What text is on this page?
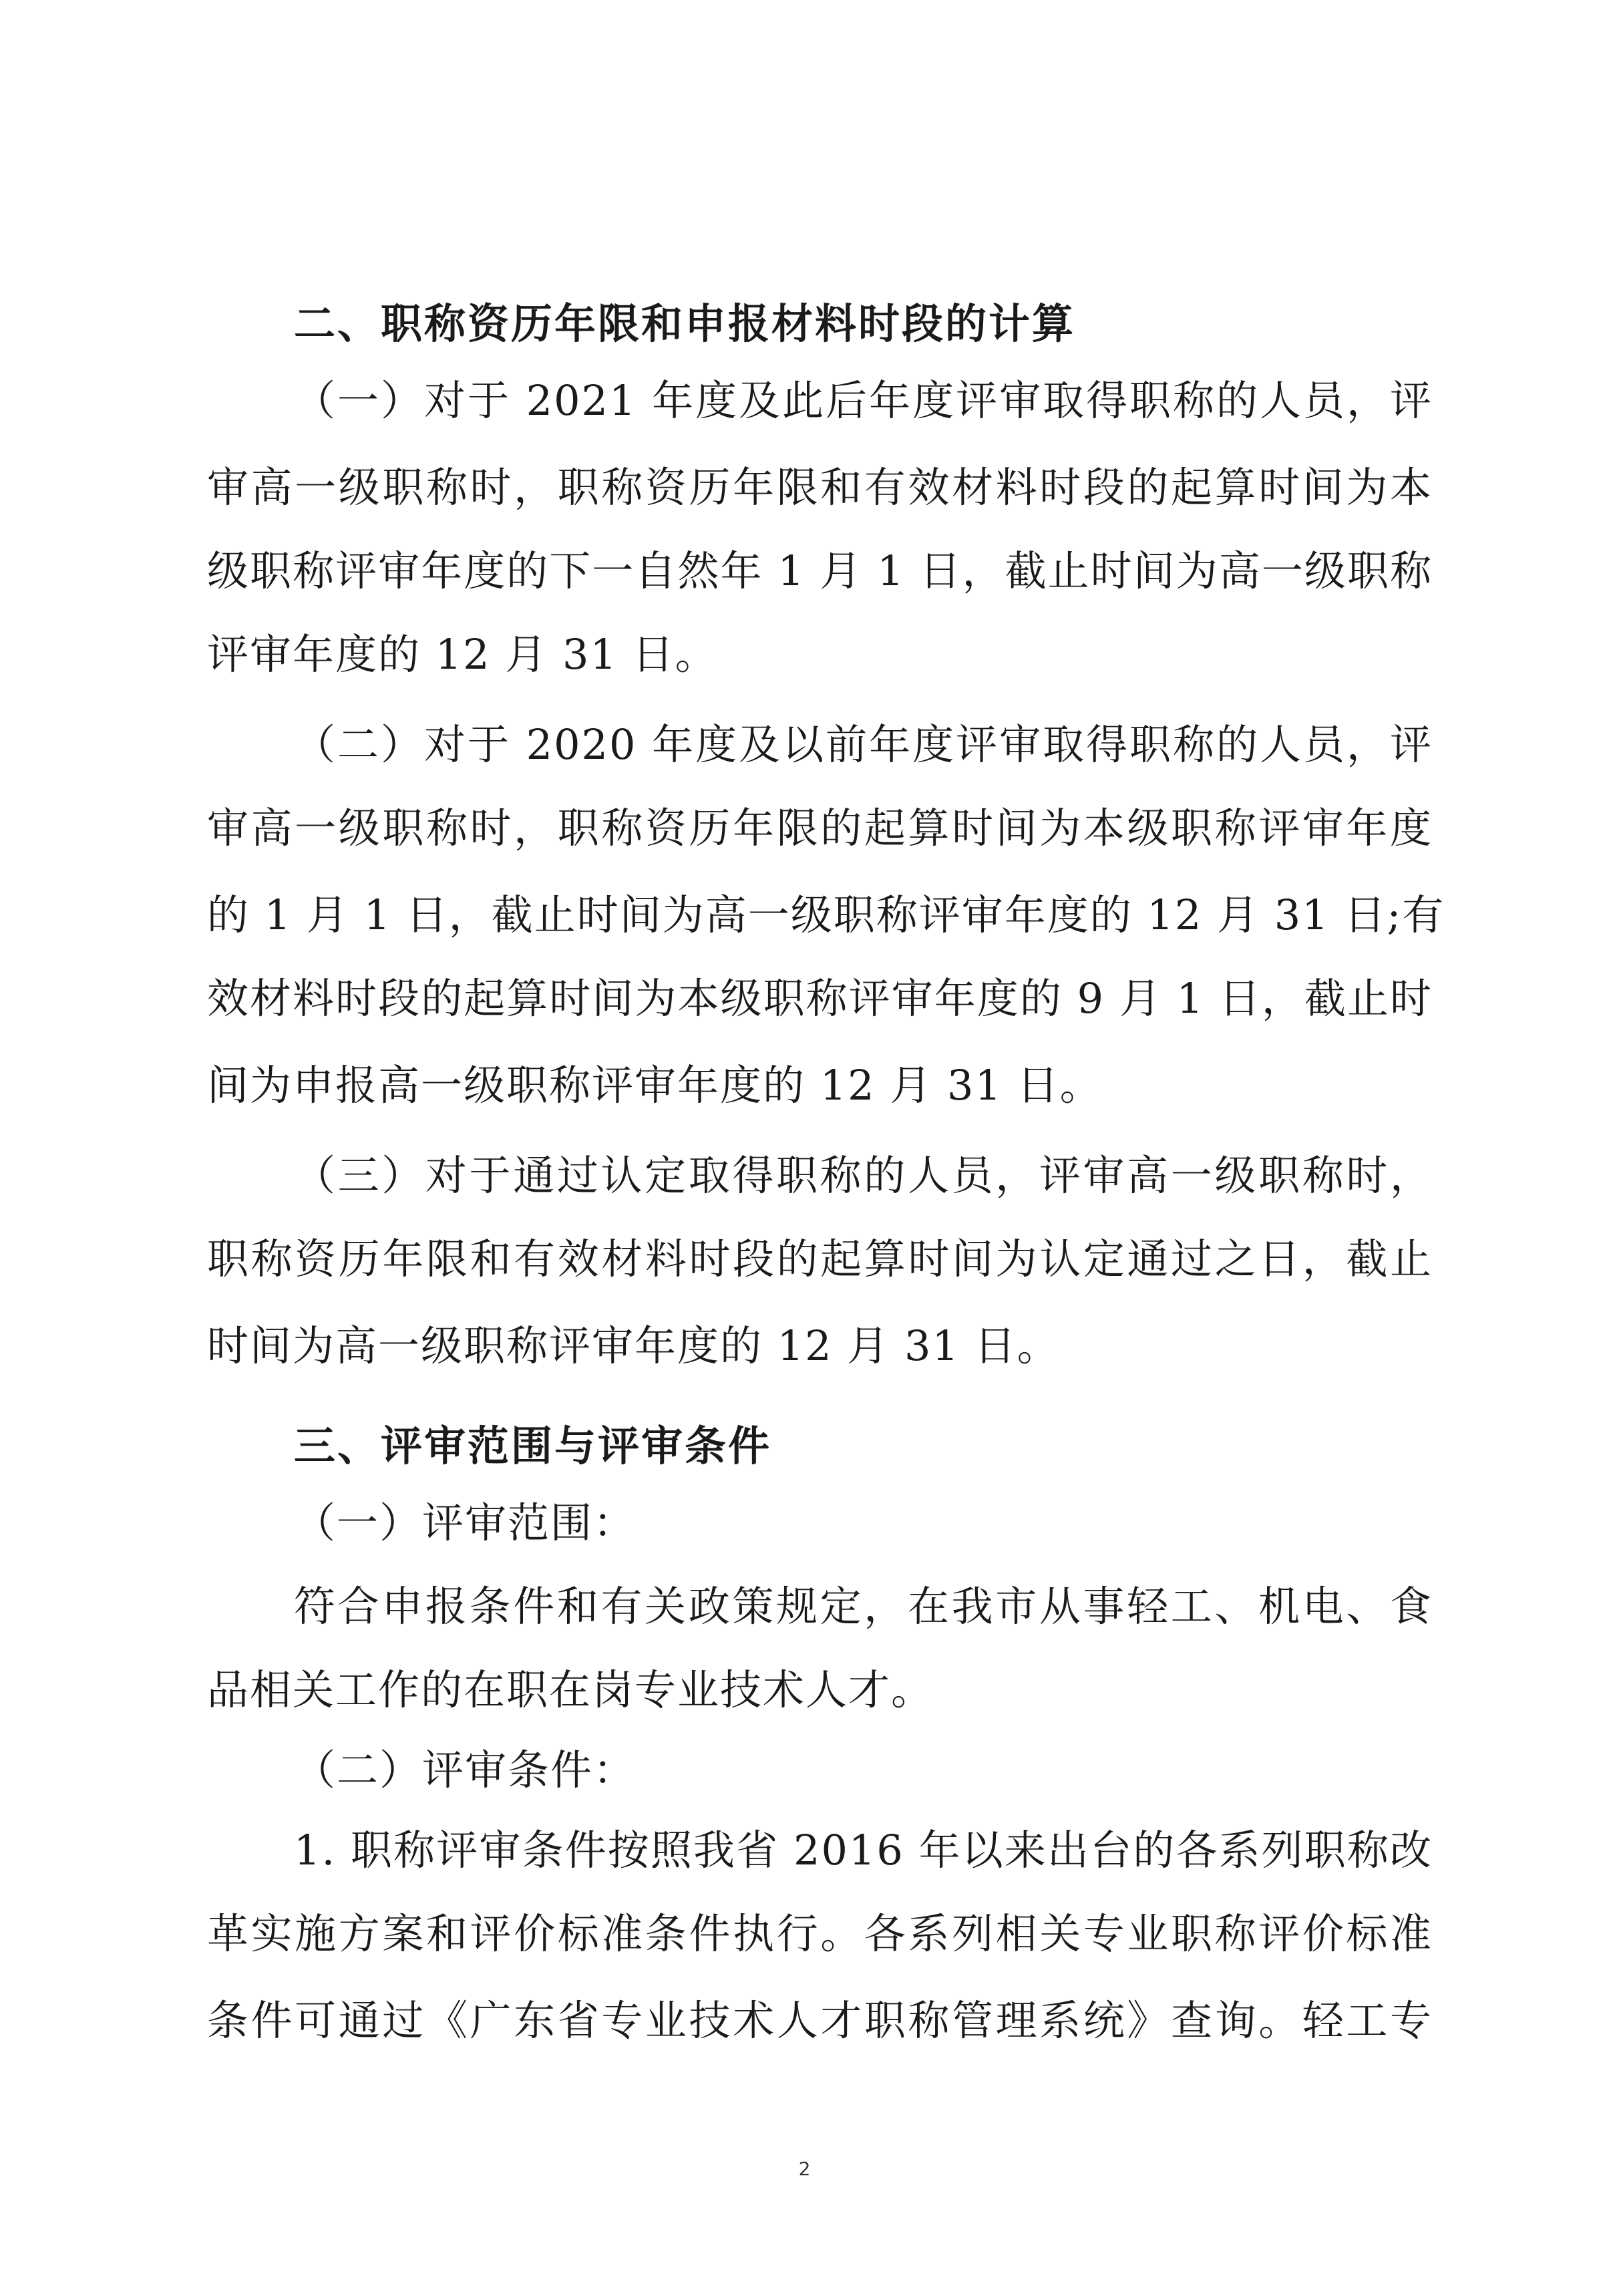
二、职称资历年限和申报材料时段的计算
（一）对于 2021 年度及此后年度评审取得职称的人员，评
审高一级职称时，职称资历年限和有效材料时段的起算时间为本
级职称评审年度的下一自然年 1 月 1 日，截止时间为高一级职称
评审年度的 12 月 31 日。
（二）对于 2020 年度及以前年度评审取得职称的人员，评
审高一级职称时，职称资历年限的起算时间为本级职称评审年度
的 1 月 1 日，截止时间为高一级职称评审年度的 12 月 31 日;有
效材料时段的起算时间为本级职称评审年度的 9 月 1 日，截止时
间为申报高一级职称评审年度的 12 月 31 日。
（三）对于通过认定取得职称的人员，评审高一级职称时，
职称资历年限和有效材料时段的起算时间为认定通过之日，截止
时间为高一级职称评审年度的 12 月 31 日。
三、评审范围与评审条件
（一）评审范围：
符合申报条件和有关政策规定，在我市从事轻工、机电、食
品相关工作的在职在岗专业技术人才。
（二）评审条件：
1. 职称评审条件按照我省 2016 年以来出台的各系列职称改
革实施方案和评价标准条件执行。各系列相关专业职称评价标准
条件可通过《广东省专业技术人才职称管理系统》查询。轻工专
2
